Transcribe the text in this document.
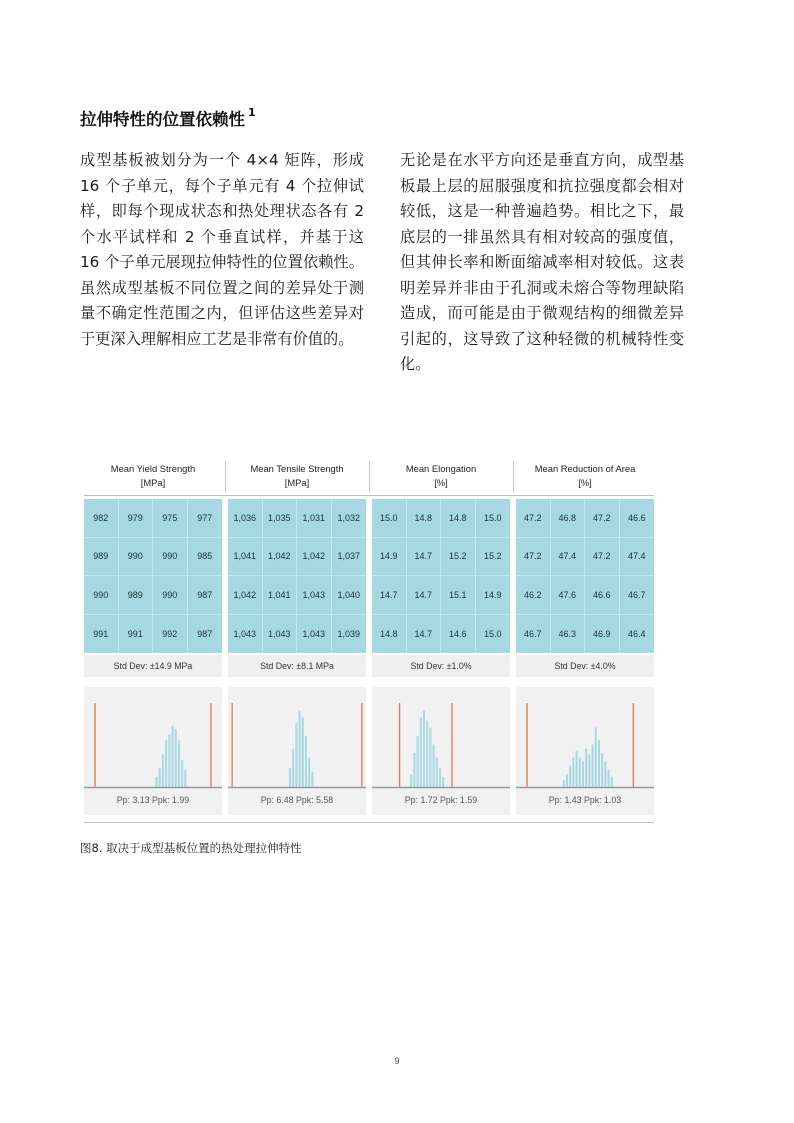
拉伸特性的位置依赖性 $^1$

成型基板被划分为一个 4×4 矩阵，形成 16 个子单元，每个子单元有 4 个拉伸试样，即每个现成状态和热处理状态各有 2 个水平试样和 2 个垂直试样，并基于这 16 个子单元展现拉伸特性的位置依赖性。虽然成型基板不同位置之间的差异处于测量不确定性范围之内，但评估这些差异对于更深入理解相应工艺是非常有价值的。

无论是在水平方向还是垂直方向，成型基板最上层的屈服强度和抗拉强度都会相对较低，这是一种普遍趋势。相比之下，最底层的一排虽然具有相对较高的强度值，但其伸长率和断面缩减率相对较低。这表明差异并非由于孔洞或未熔合等物理缺陷造成，而可能是由于微观结构的细微差异引起的，这导致了这种轻微的机械特性变化。

Mean Yield Strength
[MPa]
982	979	975	977
989	990	990	985
990	989	990	987
991	991	992	987
Std Dev: ±14.9 MPa
Pp: 3.13 Ppk: 1.99
Mean Tensile Strength
[MPa]
1,036	1,035	1,031	1,032
1,041	1,042	1,042	1,037
1,042	1,041	1,043	1,040
1,043	1,043	1,043	1,039
Std Dev: ±8.1 MPa
Pp: 6.48 Ppk: 5.58
Mean Elongation
[%]
15.0	14.8	14.8	15.0
14.9	14.7	15.2	15.2
14.7	14.7	15.1	14.9
14.8	14.7	14.6	15.0
Std Dev: ±1.0%
Pp: 1.72 Ppk: 1.59
Mean Reduction of Area
[%]
47.2	46.8	47.2	46.6
47.2	47.4	47.2	47.4
46.2	47.6	46.6	46.7
46.7	46.3	46.9	46.4
Std Dev: ±4.0%
Pp: 1.43 Ppk: 1.03

图8. 取决于成型基板位置的热处理拉伸特性

9
